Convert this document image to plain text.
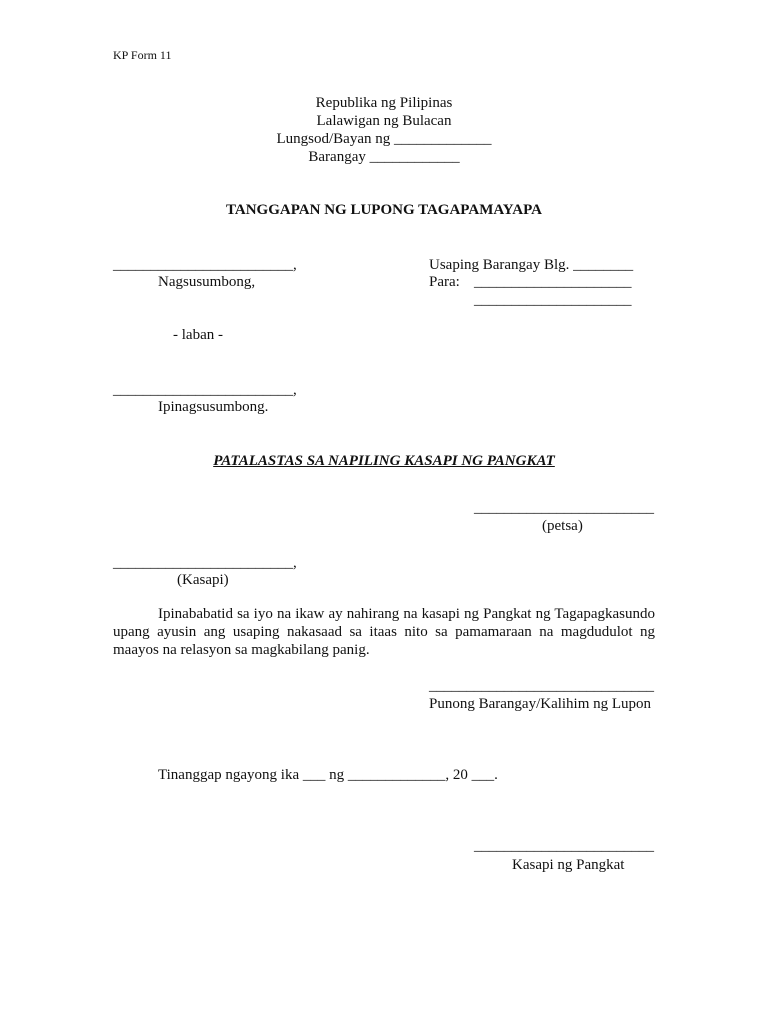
KP Form 11
Republika ng Pilipinas
Lalawigan ng Bulacan
Lungsod/Bayan ng _____________
Barangay ____________
TANGGAPAN NG LUPONG TAGAPAMAYAPA
________________________,
Nagsusumbong,
Usaping Barangay Blg. ________
Para: _____________________
_____________________
- laban -
________________________,
Ipinagsusumbong.
PATALASTAS SA NAPILING KASAPI NG PANGKAT
________________________
(petsa)
________________________,
(Kasapi)
Ipinababatid sa iyo na ikaw ay nahirang na kasapi ng Pangkat ng Tagapagkasundo upang ayusin ang usaping nakasaad sa itaas nito sa pamamaraan na magdudulot ng maayos na relasyon sa magkabilang panig.
______________________________
Punong Barangay/Kalihim ng Lupon
Tinanggap ngayong ika ___ ng _____________, 20 ___.
________________________
Kasapi ng Pangkat
